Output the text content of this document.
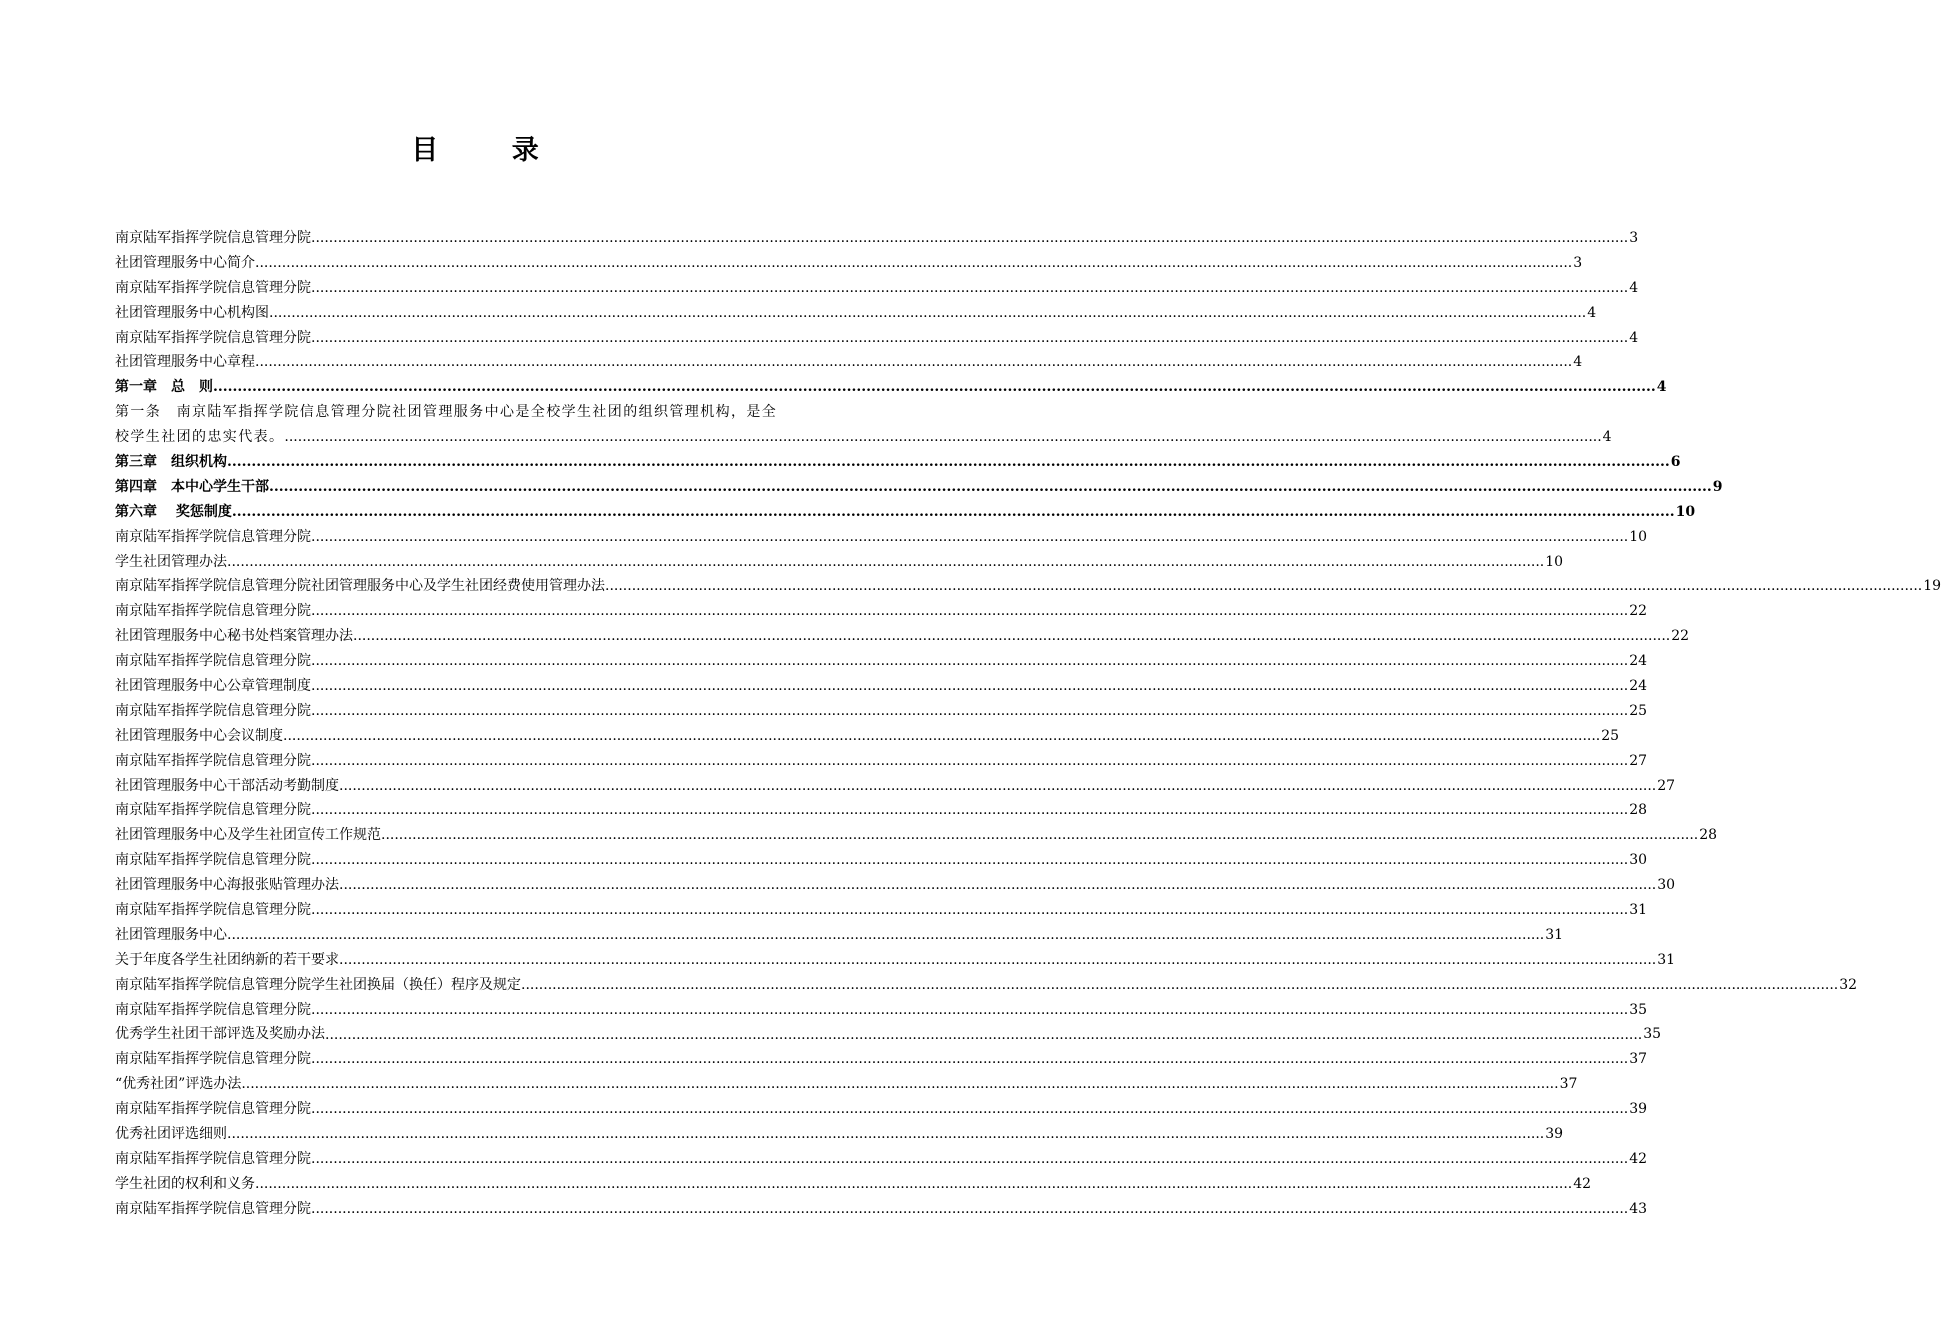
目 录
南京陆军指挥学院信息管理分院 .....	3
社团管理服务中心简介 .....	3
南京陆军指挥学院信息管理分院 .....	4
社团管理服务中心机构图 .....	4
南京陆军指挥学院信息管理分院 .....	4
社团管理服务中心章程 .....	4
第一章　总　则 .....	4
第一条　南京陆军指挥学院信息管理分院社团管理服务中心是全校学生社团的组织管理机构，是全
校学生社团的忠实代表。 .....	4
第三章　组织机构 .....	6
第四章　本中心学生干部 .....	9
第六章 　奖惩制度 .....	10
南京陆军指挥学院信息管理分院 .....	10
学生社团管理办法 .....	10
南京陆军指挥学院信息管理分院社团管理服务中心及学生社团经费使用管理办法 .....	19
南京陆军指挥学院信息管理分院 .....	22
社团管理服务中心秘书处档案管理办法 .....	22
南京陆军指挥学院信息管理分院 .....	24
社团管理服务中心公章管理制度 .....	24
南京陆军指挥学院信息管理分院 .....	25
社团管理服务中心会议制度 .....	25
南京陆军指挥学院信息管理分院 .....	27
社团管理服务中心干部活动考勤制度 .....	27
南京陆军指挥学院信息管理分院 .....	28
社团管理服务中心及学生社团宣传工作规范 .....	28
南京陆军指挥学院信息管理分院 .....	30
社团管理服务中心海报张贴管理办法 .....	30
南京陆军指挥学院信息管理分院 .....	31
社团管理服务中心 .....	31
关于年度各学生社团纳新的若干要求 .....	31
南京陆军指挥学院信息管理分院学生社团换届（换任）程序及规定 .....	32
南京陆军指挥学院信息管理分院 .....	35
优秀学生社团干部评选及奖励办法 .....	35
南京陆军指挥学院信息管理分院 .....	37
“优秀社团”评选办法 .....	37
南京陆军指挥学院信息管理分院 .....	39
优秀社团评选细则 .....	39
南京陆军指挥学院信息管理分院 .....	42
学生社团的权利和义务 .....	42
南京陆军指挥学院信息管理分院 .....	43
